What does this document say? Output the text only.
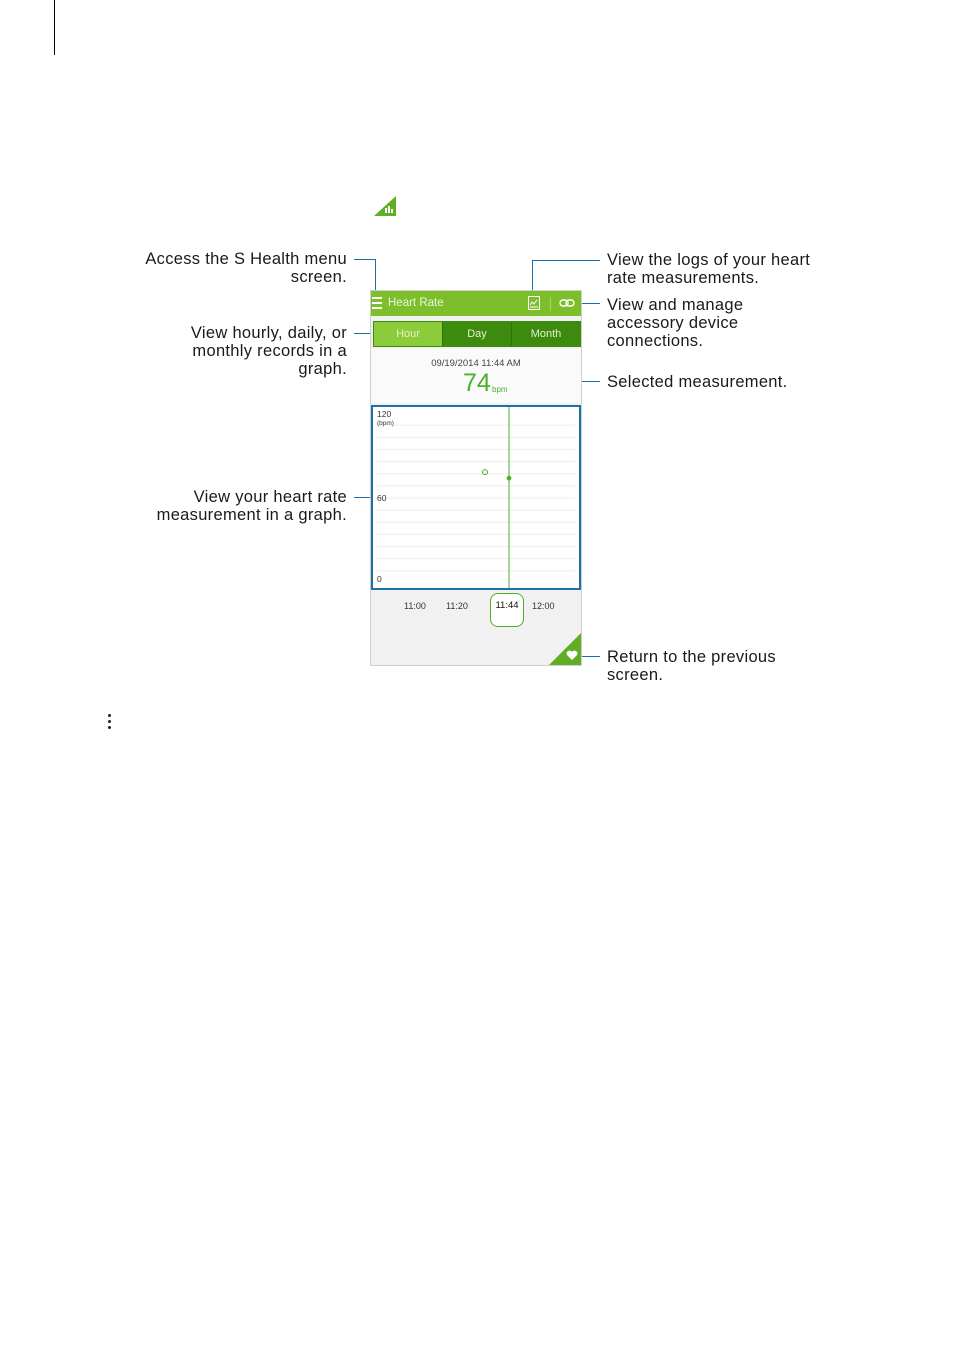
Access the S Health menu
screen.
View hourly, daily, or
monthly records in a
graph.
View your heart rate
measurement in a graph.
View the logs of your heart
rate measurements.
View and manage
accessory device
connections.
Selected measurement.
Return to the previous
screen.
Heart Rate
Hour	Day	Month
09/19/2014 11:44 AM
74 bpm
120
60
0
(bpm)
11:00 11:20	11:44	12:00
